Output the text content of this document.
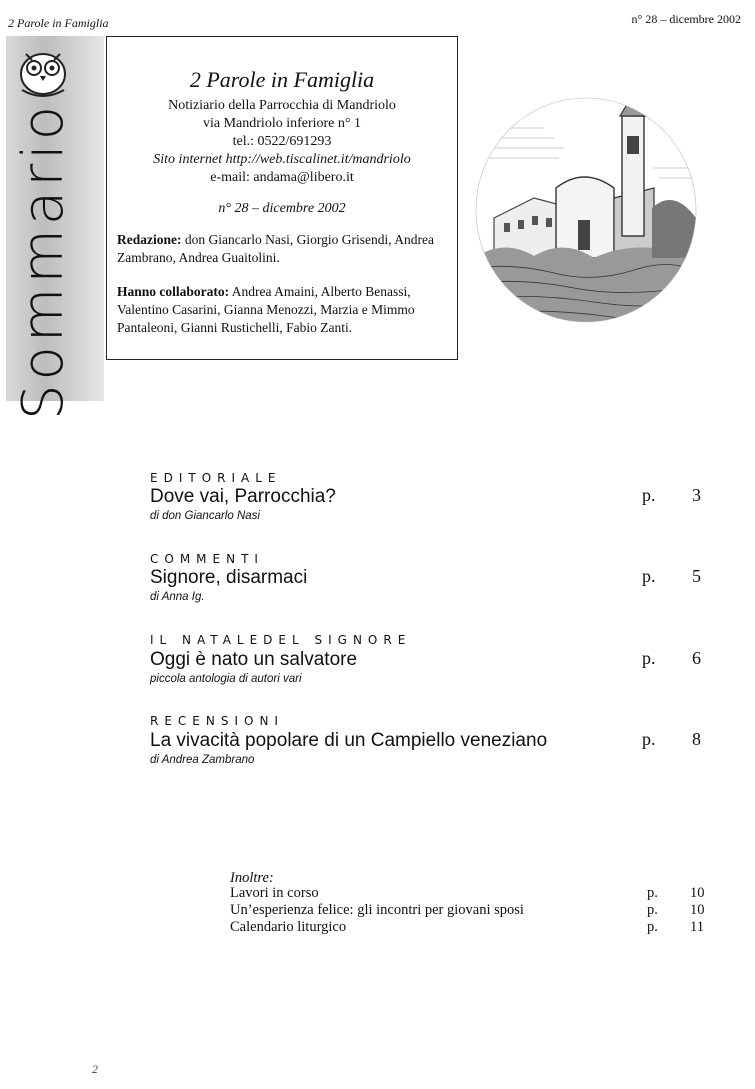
2 Parole in Famiglia	n° 28 – dicembre 2002
Sommario
2 Parole in Famiglia
Notiziario della Parrocchia di Mandriolo
via Mandriolo inferiore n° 1
tel.: 0522/691293
Sito internet http://web.tiscalinet.it/mandriolo
e-mail: andama@libero.it
n° 28 – dicembre 2002
Redazione: don Giancarlo Nasi, Giorgio Grisendi, Andrea Zambrano, Andrea Guaitolini.
Hanno collaborato: Andrea Amaini, Alberto Benassi, Valentino Casarini, Gianna Menozzi, Marzia e Mimmo Pantaleoni, Gianni Rustichelli, Fabio Zanti.
EDITORIALE
Dove vai, Parrocchia?
di don Giancarlo Nasi
p. 3
COMMENTI
Signore, disarmaci
di Anna Ig.
p. 5
IL NATALEDEL SIGNORE
Oggi è nato un salvatore
piccola antologia di autori vari
p. 6
RECENSIONI
La vivacità popolare di un Campiello veneziano
di Andrea Zambrano
p. 8
Inoltre:
Lavori in corso	p. 10
Un’esperienza felice: gli incontri per giovani sposi	p. 10
Calendario liturgico	p. 11
2
